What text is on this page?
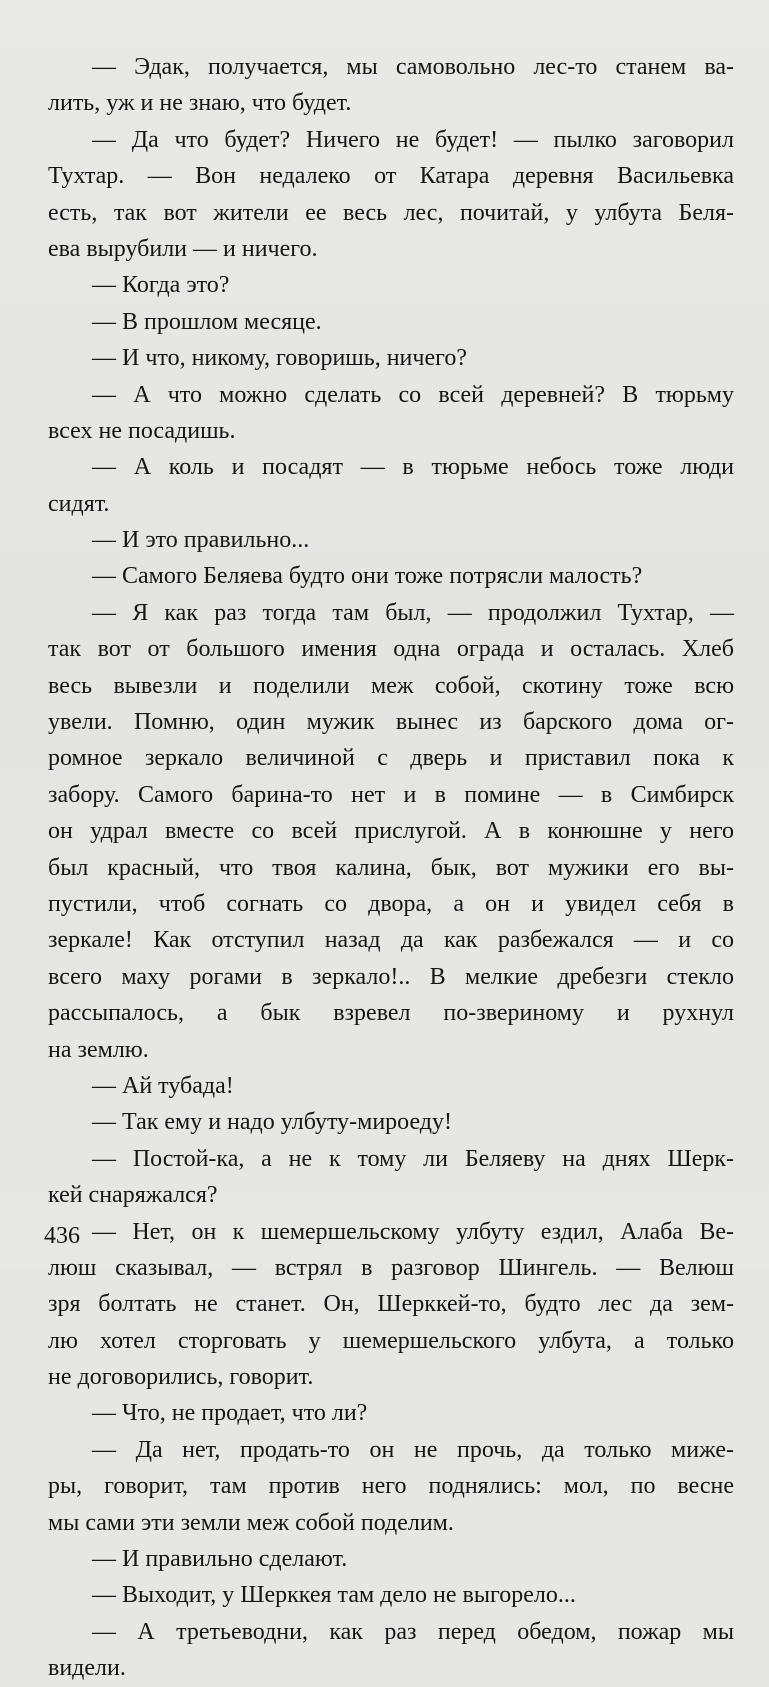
— Эдак, получается, мы самовольно лес-то станем ва-
лить, уж и не знаю, что будет.
— Да что будет? Ничего не будет! — пылко заговорил
Тухтар. — Вон недалеко от Катара деревня Васильевка
есть, так вот жители ее весь лес, почитай, у улбута Беля-
ева вырубили — и ничего.
— Когда это?
— В прошлом месяце.
— И что, никому, говоришь, ничего?
— А что можно сделать со всей деревней? В тюрьму
всех не посадишь.
— А коль и посадят — в тюрьме небось тоже люди
сидят.
— И это правильно...
— Самого Беляева будто они тоже потрясли малость?
— Я как раз тогда там был, — продолжил Тухтар, —
так вот от большого имения одна ограда и осталась. Хлеб
весь вывезли и поделили меж собой, скотину тоже всю
увели. Помню, один мужик вынес из барского дома ог-
ромное зеркало величиной с дверь и приставил пока к
забору. Самого барина-то нет и в помине — в Симбирск
он удрал вместе со всей прислугой. А в конюшне у него
был красный, что твоя калина, бык, вот мужики его вы-
пустили, чтоб согнать со двора, а он и увидел себя в
зеркале! Как отступил назад да как разбежался — и со
всего маху рогами в зеркало!.. В мелкие дребезги стекло
рассыпалось, а бык взревел по-звериному и рухнул
на землю.
— Ай тубада!
— Так ему и надо улбуту-мироеду!
— Постой-ка, а не к тому ли Беляеву на днях Шерк-
кей снаряжался?
— Нет, он к шемершельскому улбуту ездил, Алаба Ве-
люш сказывал, — встрял в разговор Шингель. — Велюш
зря болтать не станет. Он, Шерккей-то, будто лес да зем-
лю хотел сторговать у шемершельского улбута, а только
не договорились, говорит.
— Что, не продает, что ли?
— Да нет, продать-то он не прочь, да только миже-
ры, говорит, там против него поднялись: мол, по весне
мы сами эти земли меж собой поделим.
— И правильно сделают.
— Выходит, у Шерккея там дело не выгорело...
— А третьеводни, как раз перед обедом, пожар мы
видели.
436
